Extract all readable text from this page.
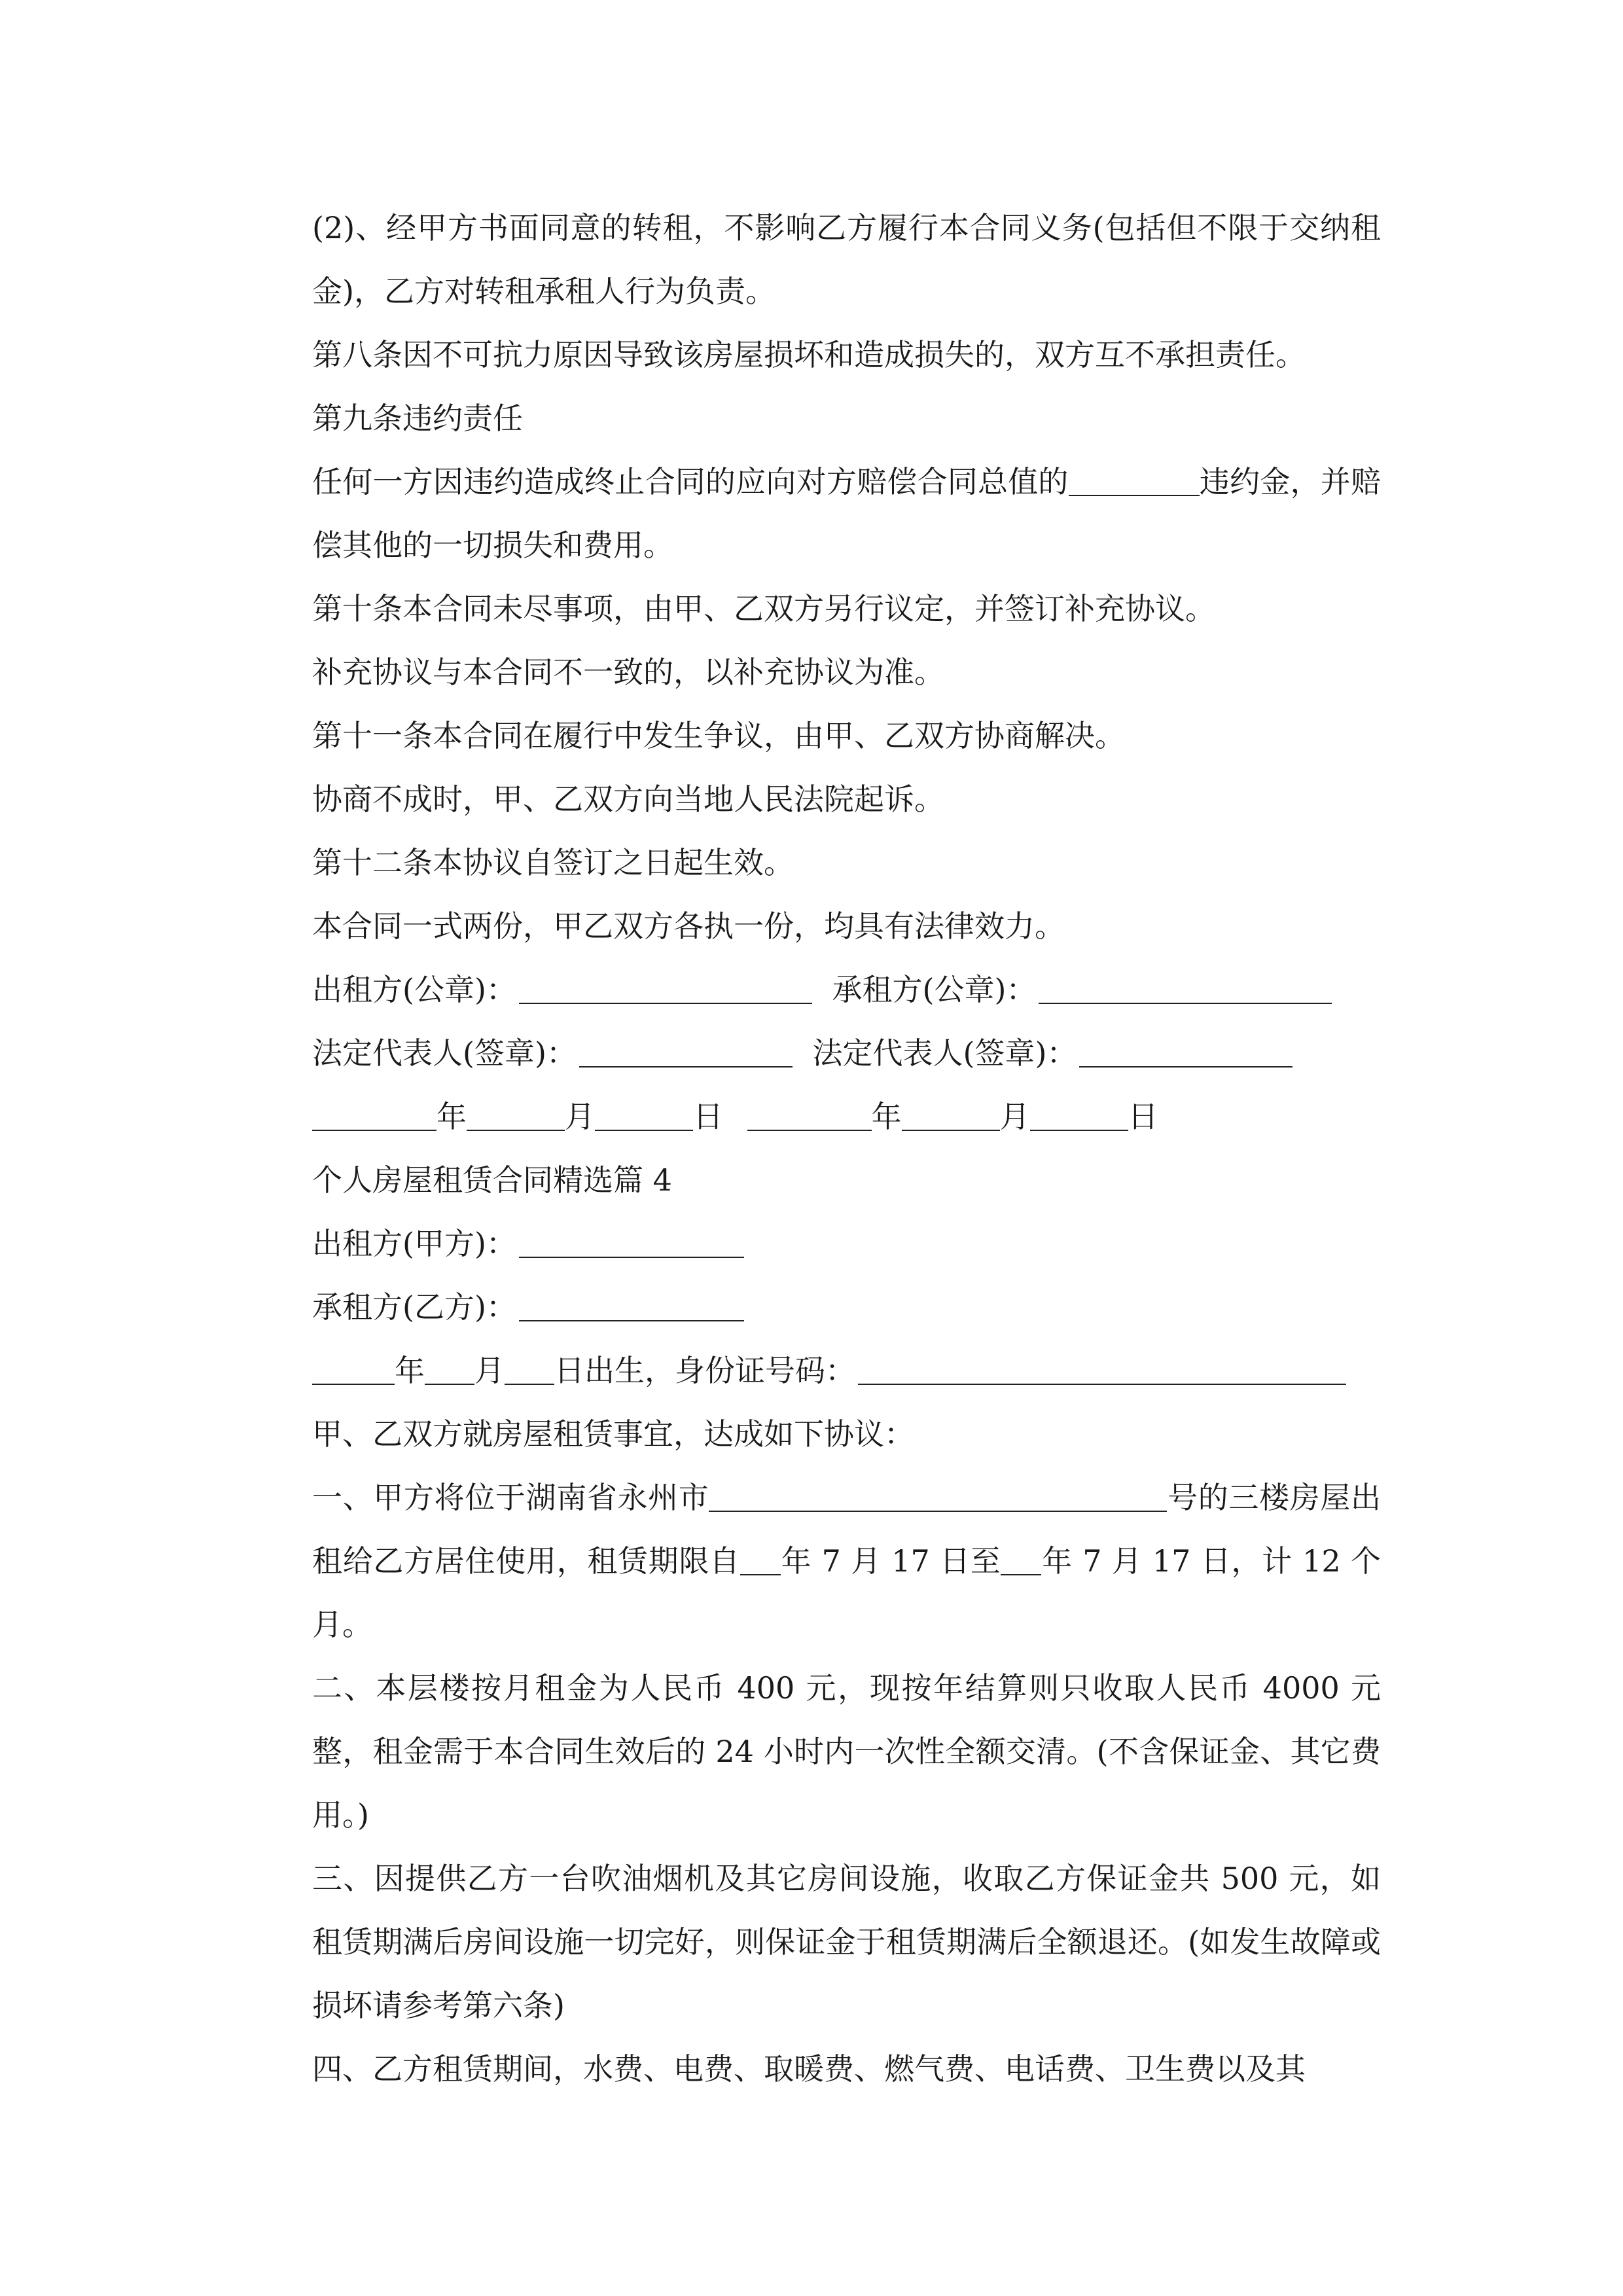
(2)、经甲方书面同意的转租，不影响乙方履行本合同义务(包括但不限于交纳租金)，乙方对转租承租人行为负责。

第八条因不可抗力原因导致该房屋损坏和造成损失的，双方互不承担责任。

第九条违约责任

任何一方因违约造成终止合同的应向对方赔偿合同总值的	违约金，并赔偿其他的一切损失和费用。

第十条本合同未尽事项，由甲、乙双方另行议定，并签订补充协议。

补充协议与本合同不一致的，以补充协议为准。

第十一条本合同在履行中发生争议，由甲、乙双方协商解决。

协商不成时，甲、乙双方向当地人民法院起诉。

第十二条本协议自签订之日起生效。

本合同一式两份，甲乙双方各执一份，均具有法律效力。

出租方(公章)：	承租方(公章)：

法定代表人(签章)：	法定代表人(签章)：

年	月	日	年	月	日

个人房屋租赁合同精选篇 4

出租方(甲方)：

承租方(乙方)：

年 月 日出生，身份证号码：

甲、乙双方就房屋租赁事宜，达成如下协议：

一、甲方将位于湖南省永州市	号的三楼房屋出租给乙方居住使用，租赁期限自 年 7 月 17 日至 年 7 月 17 日，计 12 个月。

二、本层楼按月租金为人民币 400 元，现按年结算则只收取人民币 4000 元整，租金需于本合同生效后的 24 小时内一次性全额交清。(不含保证金、其它费用。)

三、因提供乙方一台吹油烟机及其它房间设施，收取乙方保证金共 500 元，如租赁期满后房间设施一切完好，则保证金于租赁期满后全额退还。(如发生故障或损坏请参考第六条)

四、乙方租赁期间，水费、电费、取暖费、燃气费、电话费、卫生费以及其
